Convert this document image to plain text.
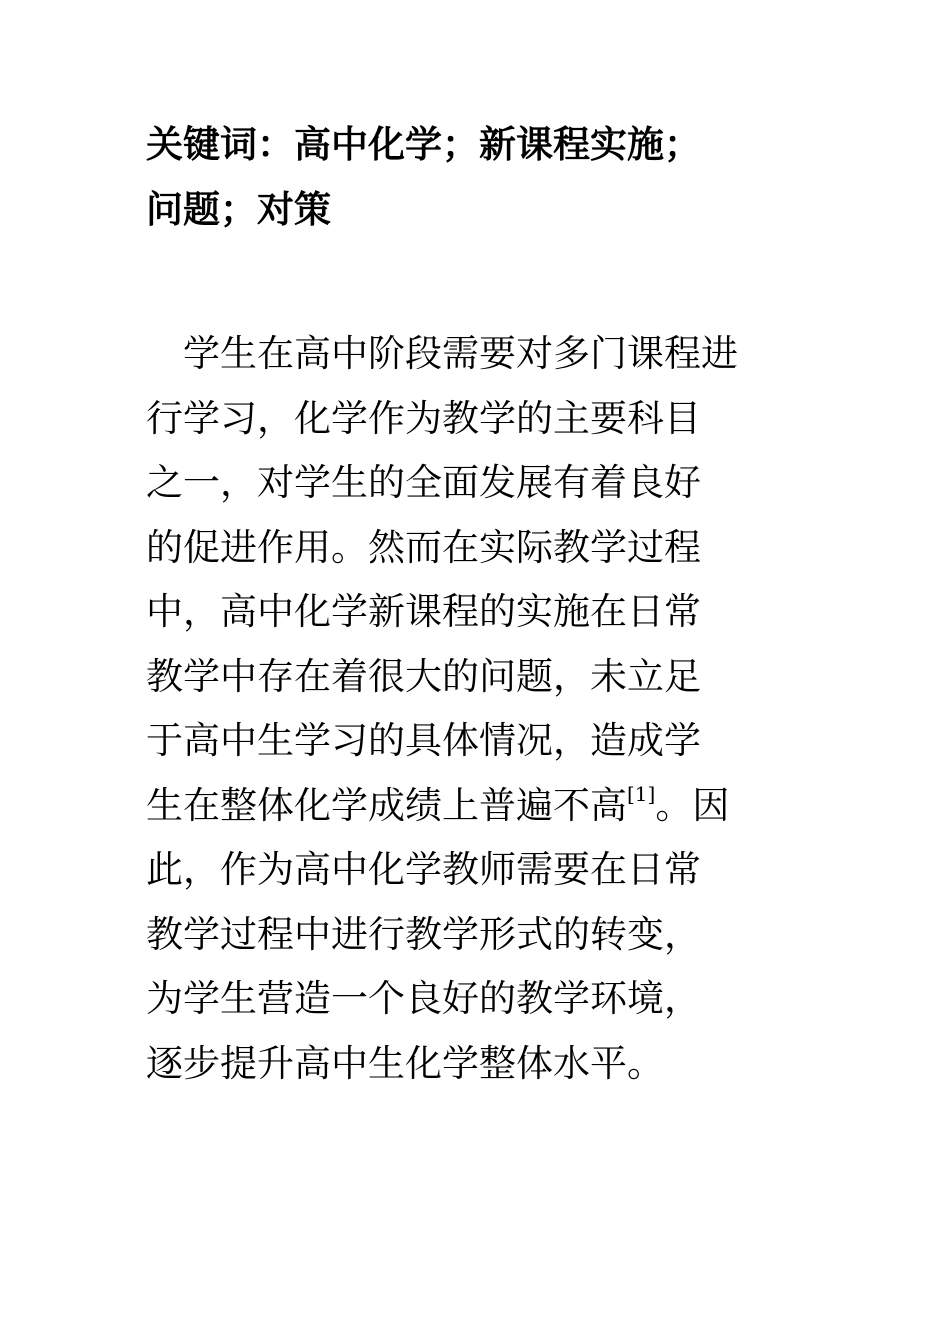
关键词：高中化学；新课程实施；
问题；对策
学生在高中阶段需要对多门课程进
行学习，化学作为教学的主要科目
之一，对学生的全面发展有着良好
的促进作用。然而在实际教学过程
中，高中化学新课程的实施在日常
教学中存在着很大的问题，未立足
于高中生学习的具体情况，造成学
生在整体化学成绩上普遍不高[1]。因
此，作为高中化学教师需要在日常
教学过程中进行教学形式的转变，
为学生营造一个良好的教学环境，
逐步提升高中生化学整体水平。
